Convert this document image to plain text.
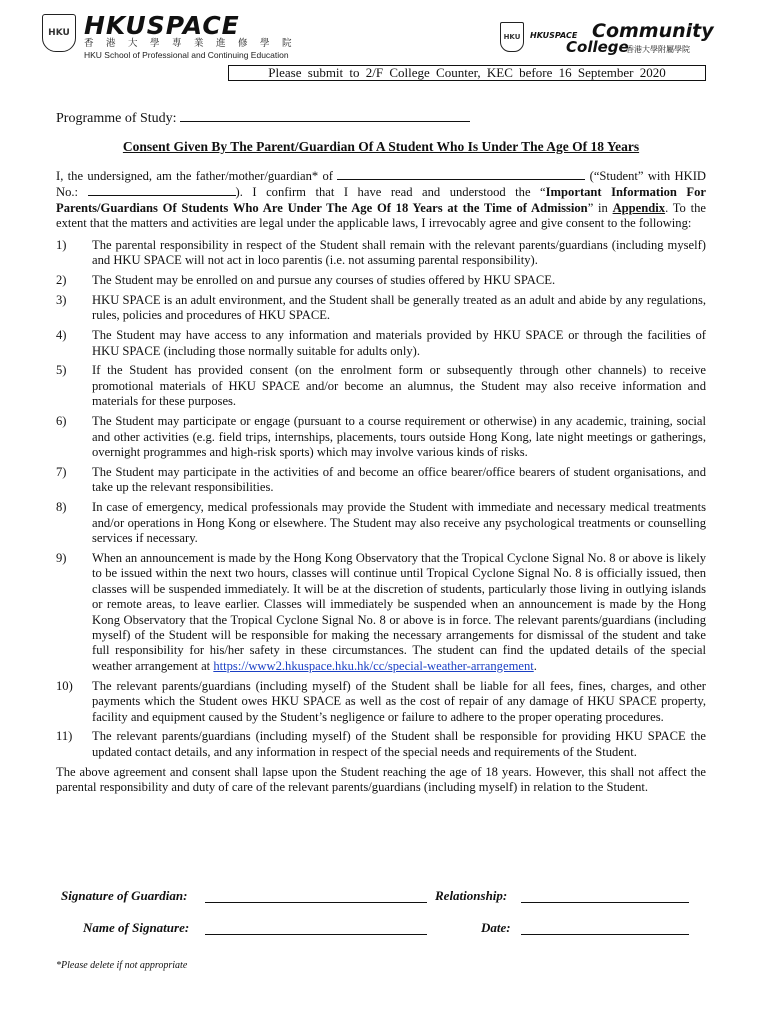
HKU HKUSPACE
香港大學專業進修學院
HKU School of Professional and Continuing Education
HKU	HKUSPACE Community
College
香港大學附屬學院
Please submit to 2/F College Counter, KEC before 16 September 2020
Programme of Study:
Consent Given By The Parent/Guardian Of A Student Who Is Under The Age Of 18 Years

I, the undersigned, am the father/mother/guardian* of	(“Student” with HKID No.:	). I confirm that I have read and understood the “Important Information For Parents/Guardians Of Students Who Are Under The Age Of 18 Years at the Time of Admission” in Appendix. To the extent that the matters and activities are legal under the applicable laws, I irrevocably agree and give consent to the following:

1) The parental responsibility in respect of the Student shall remain with the relevant parents/guardians (including myself) and HKU SPACE will not act in loco parentis (i.e. not assuming parental responsibility).
2) The Student may be enrolled on and pursue any courses of studies offered by HKU SPACE.
3) HKU SPACE is an adult environment, and the Student shall be generally treated as an adult and abide by any regulations, rules, policies and procedures of HKU SPACE.
4) The Student may have access to any information and materials provided by HKU SPACE or through the facilities of HKU SPACE (including those normally suitable for adults only).
5) If the Student has provided consent (on the enrolment form or subsequently through other channels) to receive promotional materials of HKU SPACE and/or become an alumnus, the Student may also receive information and materials for these purposes.
6) The Student may participate or engage (pursuant to a course requirement or otherwise) in any academic, training, social and other activities (e.g. field trips, internships, placements, tours outside Hong Kong, late night meetings or gatherings, overnight programmes and high-risk sports) which may involve various kinds of risks.
7) The Student may participate in the activities of and become an office bearer/office bearers of student organisations, and take up the relevant responsibilities.
8) In case of emergency, medical professionals may provide the Student with immediate and necessary medical treatments and/or operations in Hong Kong or elsewhere. The Student may also receive any psychological treatments or counselling services if necessary.
9) When an announcement is made by the Hong Kong Observatory that the Tropical Cyclone Signal No. 8 or above is likely to be issued within the next two hours, classes will continue until Tropical Cyclone Signal No. 8 is officially issued, then classes will be suspended immediately. It will be at the discretion of students, particularly those living in outlying islands or remote areas, to leave earlier. Classes will immediately be suspended when an announcement is made by the Hong Kong Observatory that the Tropical Cyclone Signal No. 8 or above is in force. The relevant parents/guardians (including myself) of the Student will be responsible for making the necessary arrangements for dismissal of the student and take full responsibility for his/her safety in these circumstances. The student can find the updated details of the special weather arrangement at https://www2.hkuspace.hku.hk/cc/special-weather-arrangement.
10) The relevant parents/guardians (including myself) of the Student shall be liable for all fees, fines, charges, and other payments which the Student owes HKU SPACE as well as the cost of repair of any damage of HKU SPACE property, facility and equipment caused by the Student’s negligence or failure to adhere to the proper operating procedures.
11) The relevant parents/guardians (including myself) of the Student shall be responsible for providing HKU SPACE the updated contact details, and any information in respect of the special needs and requirements of the Student.

The above agreement and consent shall lapse upon the Student reaching the age of 18 years. However, this shall not affect the parental responsibility and duty of care of the relevant parents/guardians (including myself) in relation to the Student.

Signature of Guardian:	Relationship:
Name of Signature:	Date:
*Please delete if not appropriate
